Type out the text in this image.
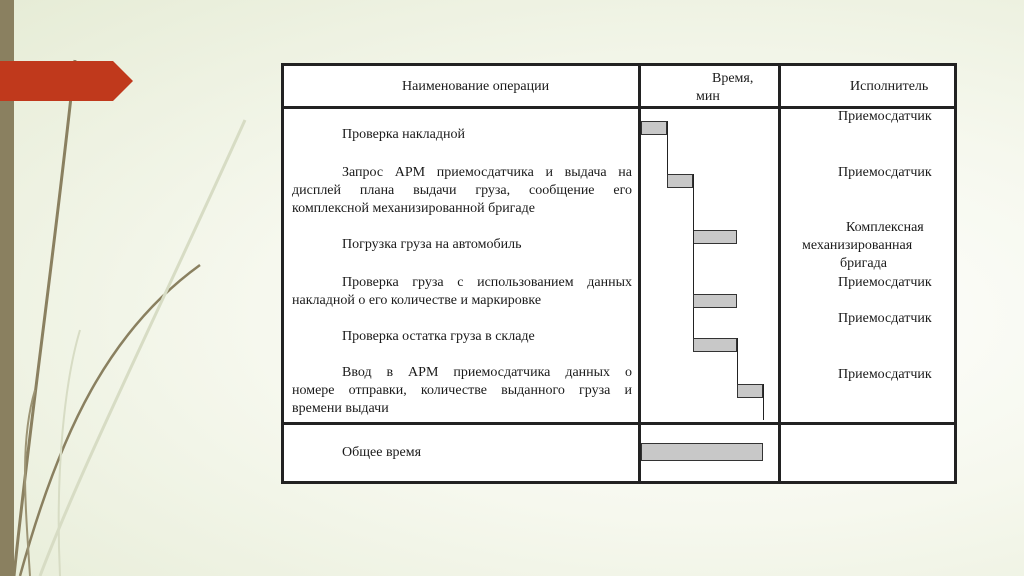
Наименование операции
Время,
мин
Исполнитель
Проверка накладной
Приемосдатчик
Запрос АРМ приемосдатчика и выдача на
дисплей плана выдачи груза, сообщение его
комплексной механизированной бригаде
Приемосдатчик
Погрузка груза на автомобиль
Комплексная
механизированная
бригада
Проверка груза с использованием данных
накладной о его количестве и маркировке
Приемосдатчик
Проверка остатка груза в складе
Приемосдатчик
Ввод в АРМ приемосдатчика данных о
номере отправки, количестве выданного груза и
времени выдачи
Приемосдатчик
Общее время
